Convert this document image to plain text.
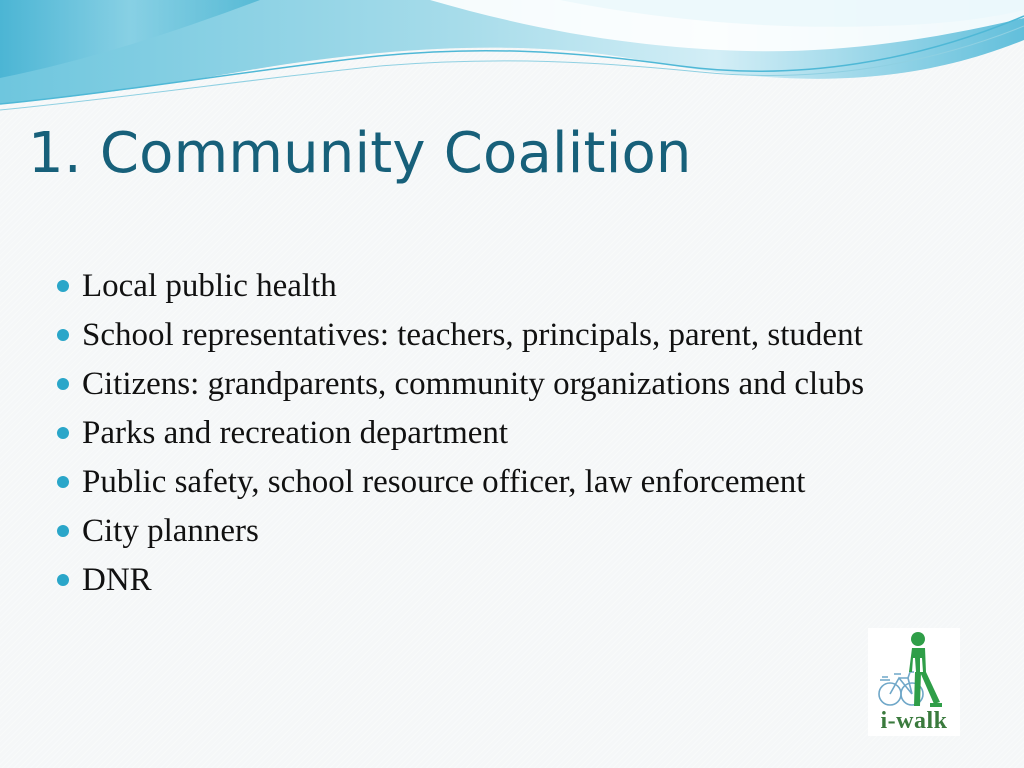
1. Community Coalition
Local public health
School representatives: teachers, principals, parent, student
Citizens: grandparents, community organizations and clubs
Parks and recreation department
Public safety, school resource officer, law enforcement
City planners
DNR
i-walk
